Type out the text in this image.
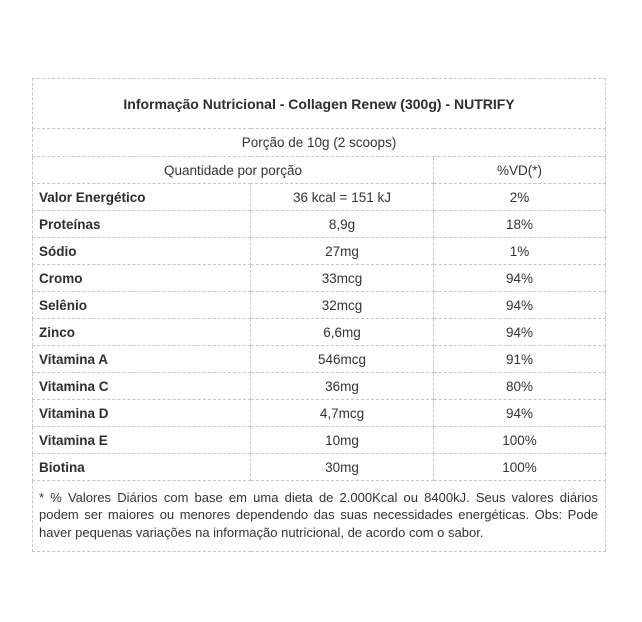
Informação Nutricional - Collagen Renew (300g) - NUTRIFY		
Porção de 10g (2 scoops)		
Quantidade por porção		%VD(*)
Valor Energético	36 kcal = 151 kJ	2%
Proteínas	8,9g	18%
Sódio	27mg	1%
Cromo	33mcg	94%
Selênio	32mcg	94%
Zinco	6,6mg	94%
Vitamina A	546mcg	91%
Vitamina C	36mg	80%
Vitamina D	4,7mcg	94%
Vitamina E	10mg	100%
Biotina	30mg	100%
* % Valores Diários com base em uma dieta de 2.000Kcal ou 8400kJ. Seus valores diários podem ser maiores ou menores dependendo das suas necessidades energéticas. Obs: Pode haver pequenas variações na informação nutricional, de acordo com o sabor.		
